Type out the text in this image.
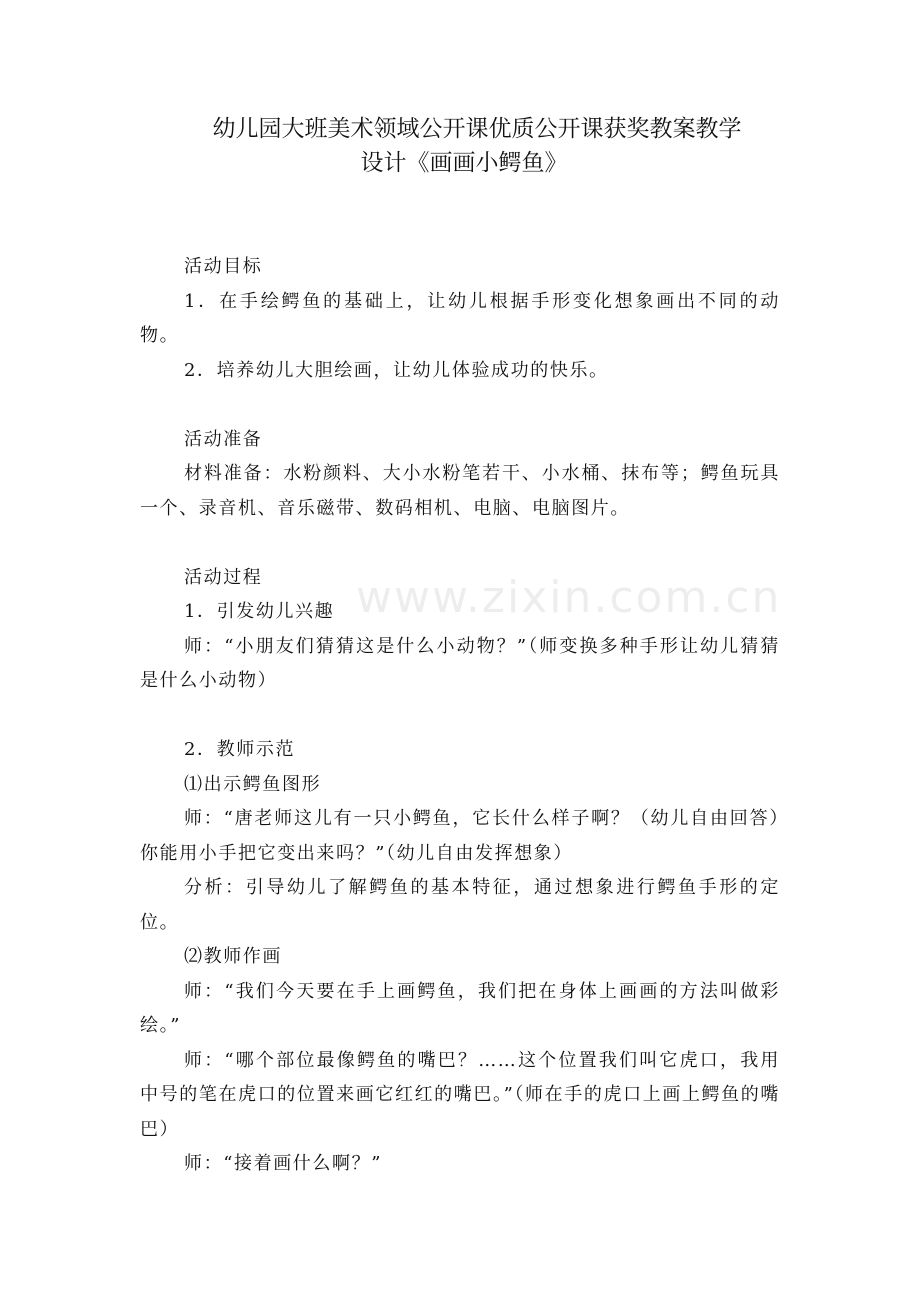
www.zixin.com.cn
幼儿园大班美术领域公开课优质公开课获奖教案教学
设计《画画小鳄鱼》

活动目标

1．在手绘鳄鱼的基础上，让幼儿根据手形变化想象画出不同的动物。

2．培养幼儿大胆绘画，让幼儿体验成功的快乐。

活动准备

材料准备：水粉颜料、大小水粉笔若干、小水桶、抹布等；鳄鱼玩具一个、录音机、音乐磁带、数码相机、电脑、电脑图片。

活动过程

1．引发幼儿兴趣

师：“小朋友们猜猜这是什么小动物？”（师变换多种手形让幼儿猜猜是什么小动物）

2．教师示范

⑴出示鳄鱼图形

师：“唐老师这儿有一只小鳄鱼，它长什么样子啊？（幼儿自由回答）你能用小手把它变出来吗？”（幼儿自由发挥想象）

分析：引导幼儿了解鳄鱼的基本特征，通过想象进行鳄鱼手形的定位。

⑵教师作画

师：“我们今天要在手上画鳄鱼，我们把在身体上画画的方法叫做彩绘。”

师：“哪个部位最像鳄鱼的嘴巴？……这个位置我们叫它虎口，我用中号的笔在虎口的位置来画它红红的嘴巴。”（师在手的虎口上画上鳄鱼的嘴巴）

师：“接着画什么啊？”
